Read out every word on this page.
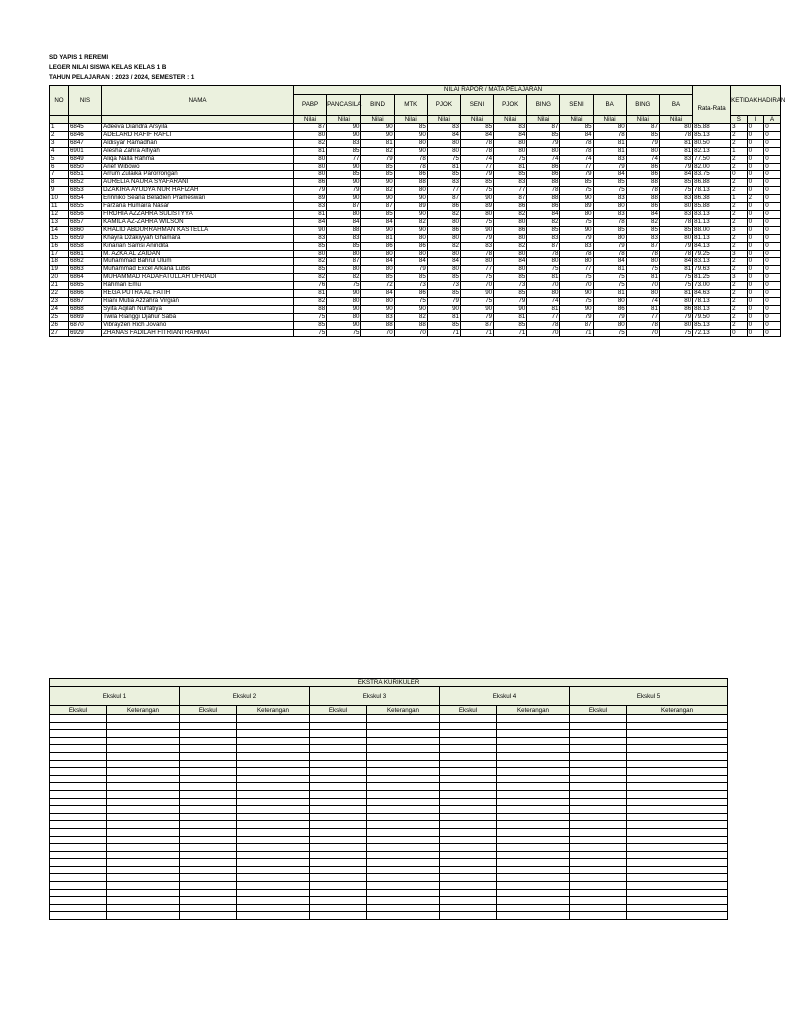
SD YAPIS 1 REREMI
LEGER NILAI SISWA KELAS KELAS 1 B
TAHUN PELAJARAN : 2023 / 2024, SEMESTER : 1
NO	NIS	NAMA	NILAI RAPOR / MATA PELAJARAN												Rata-Rata	KETIDAKHADIRAN		
			PABP	PANCASILA	BIND	MTK	PJOK	SENI	PJOK	BING	SENI	BA	BING	BA				
			Nilai	Nilai	Nilai	Nilai	Nilai	Nilai	Nilai	Nilai	Nilai	Nilai	Nilai	Nilai		S	I	A
1	6845	Adeeva Diandra Arsyila	87	90	90	85	83	85	83	87	85	80	87	80	85.88	3	0	0
2	6846	ADELARD RAFIF RAFLI	80	90	90	90	84	84	84	85	84	78	85	78	85.13	2	0	0
3	6847	Aldisyar Ramadhan	82	83	81	80	80	78	80	79	78	81	79	81	80.50	2	0	0
4	6901	Alesha Zahra Alfiyah	81	85	82	90	80	78	80	80	78	81	80	81	82.13	1	0	0
5	6849	Aliqa Nalla Rahma	80	77	79	78	75	74	75	74	74	83	74	83	77.50	2	0	0
6	6850	Arief Wibowo	80	90	85	78	81	77	81	86	77	79	86	79	82.00	2	0	0
7	6851	Arrum Zulaika Parorrongan	80	85	85	86	85	79	85	86	79	84	86	84	83.75	0	0	0
8	6852	AURELIA NAURA SYAFARANI	86	90	90	88	83	85	83	88	85	85	88	85	86.88	2	0	0
9	6853	DZAKIRA AYUDYA NUR HAFIZAH	79	79	82	80	77	75	77	78	75	75	78	75	78.13	2	0	0
10	6854	Erinniko Seana Beladien Prameswari	89	90	90	90	87	90	87	88	90	83	88	83	86.38	1	2	0
11	6855	Farzana Humaira Nasar	83	87	87	89	86	89	86	86	89	80	86	80	85.88	2	0	0
12	6856	FIRDHIA AZZAHRA SULISTYYA	81	80	85	90	82	80	82	84	80	83	84	83	83.13	2	0	0
13	6857	KAMILA AZ-ZAHRA WILSON	84	84	84	82	80	75	80	82	75	78	82	78	81.13	2	0	0
14	6860	KHALID ABDURRAHMAN KASTELLA	90	88	90	90	86	90	86	85	90	85	85	85	88.00	3	0	0
15	6859	Khayra Dzakiyyah Ghamara	83	83	81	80	80	79	80	83	79	80	83	80	81.13	2	0	0
16	6858	Kinarian Samsi Anindita	85	85	86	86	82	83	82	87	83	79	87	79	84.13	2	0	0
17	6861	M. AZKA AL ZAIDAN	80	80	80	80	80	78	80	78	78	78	78	78	79.25	3	0	0
18	6862	Muhammad Bahrul Ulum	82	87	84	84	84	80	84	80	80	84	80	84	83.13	2	0	0
19	6863	Muhammad Excel Arkana Lubis	85	80	80	79	80	77	80	75	77	81	75	81	79.63	2	0	0
20	6864	MUHAMMAD RADAFATULLAH UFRIADI	82	82	85	85	85	75	85	81	75	75	81	75	81.25	3	0	0
21	6865	Rahman Emu	76	75	72	73	73	70	73	70	70	75	70	75	73.00	2	0	0
22	6866	REGA PUTRA AL FATIH	81	90	84	86	85	90	85	80	90	81	80	81	84.63	2	0	0
23	6867	Riani Mutia Azzahra Virgian	82	80	80	75	79	75	79	74	75	80	74	80	78.13	2	0	0
24	6868	Syifa Aqilah Nurfatiya	88	90	90	90	90	90	90	81	90	86	81	86	88.13	2	0	0
25	6869	Twila Rianggi Djahur Saba	75	80	83	82	81	79	81	77	79	79	77	79	79.50	2	0	0
26	6870	Vibrayzen Rich Jovano	85	90	88	88	85	87	85	78	87	80	78	80	85.13	2	0	0
27	6929	ZHANAS FADILAH FITRIANI RAHMAT	75	75	70	70	71	71	71	70	71	75	70	75	72.13	0	0	0
EKSTRA KURIKULER									
Ekskul 1		Ekskul 2		Ekskul 3		Ekskul 4		Ekskul 5	
Ekskul	Keterangan	Ekskul	Keterangan	Ekskul	Keterangan	Ekskul	Keterangan	Ekskul	Keterangan
